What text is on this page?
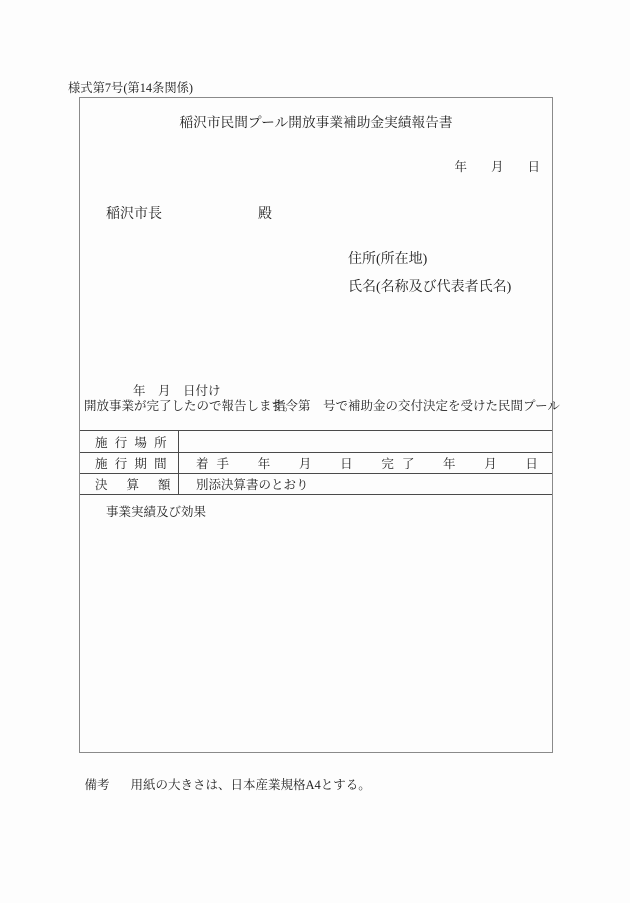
様式第7号(第14条関係)
稲沢市民間プール開放事業補助金実績報告書
年 月 日
稲沢市長	殿
住所(所在地)
氏名(名称及び代表者氏名)

年　月　日付け

指令第　号で補助金の交付決定を受けた民間プール

開放事業が完了したので報告します。
施行場所
施行期間 着手 年 月 日 完了 年 月 日
決算額 別添決算書のとおり
事業実績及び効果

備考 用紙の大きさは、日本産業規格A4とする。
